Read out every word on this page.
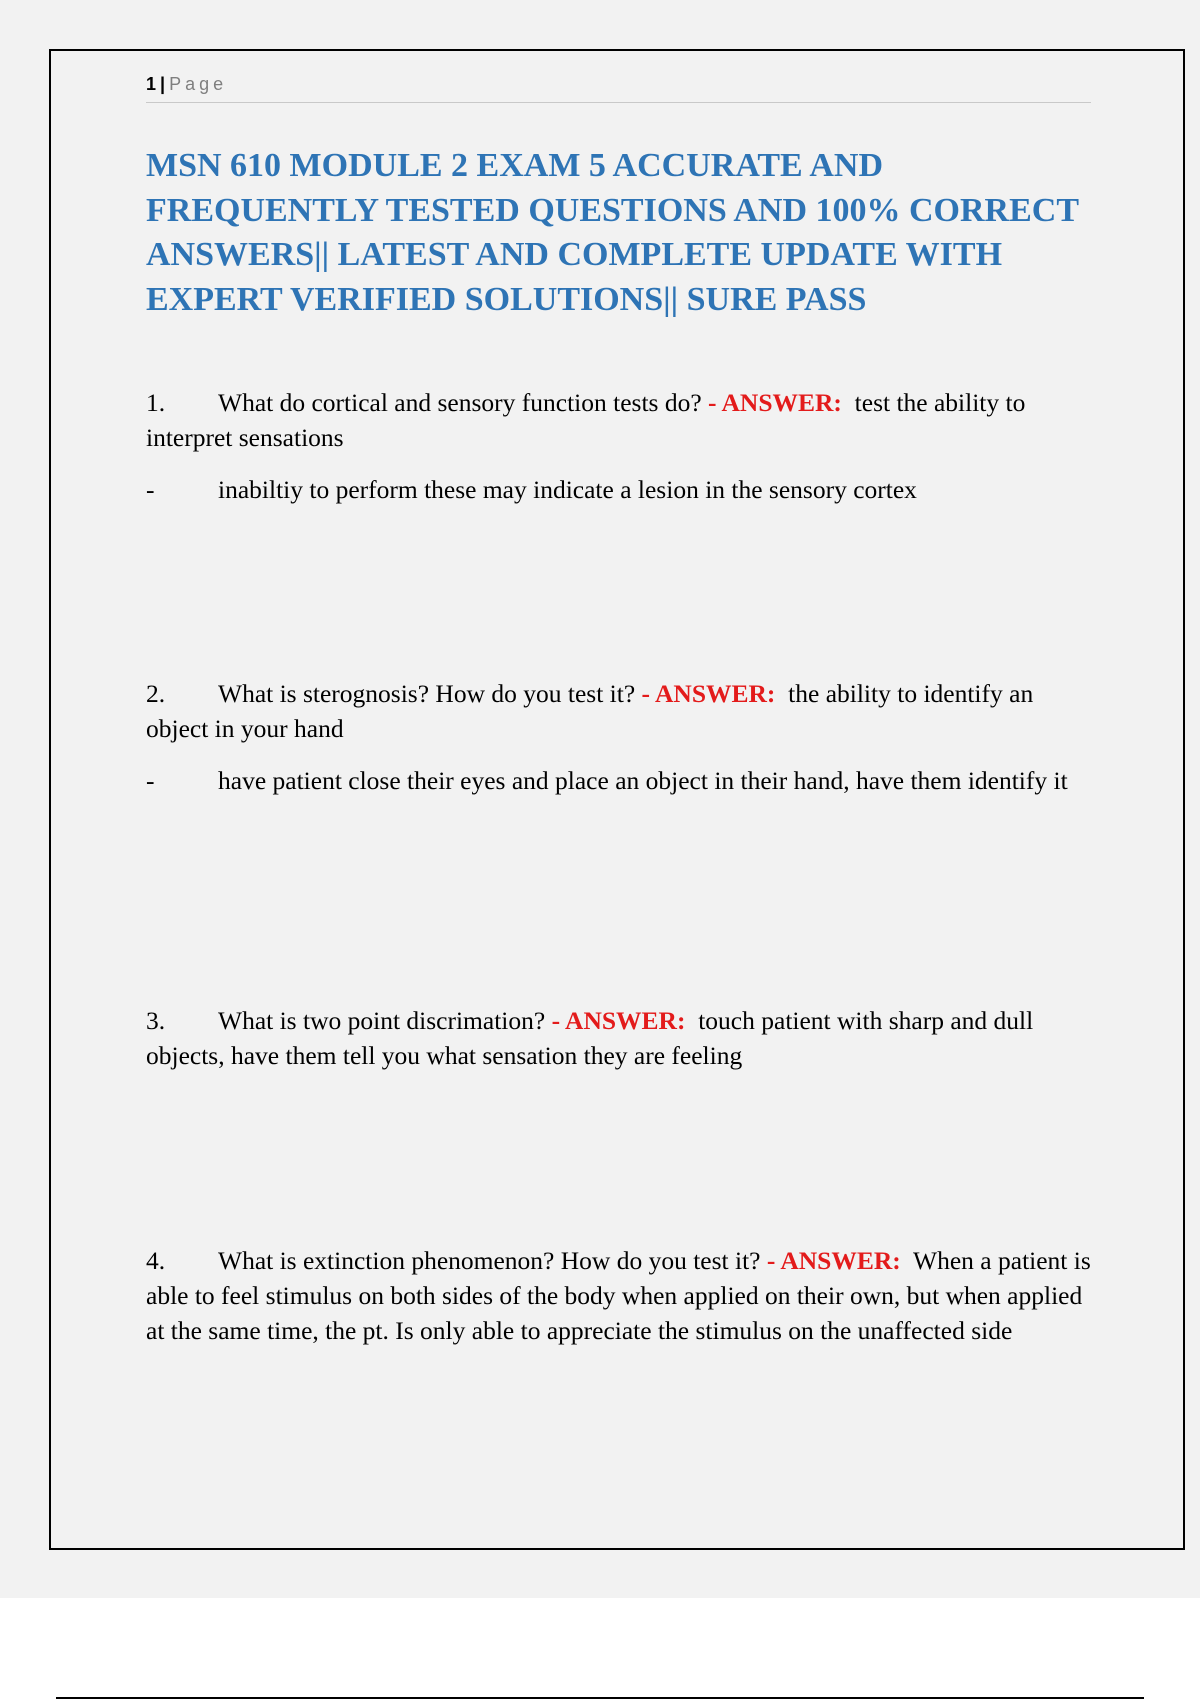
1 | Page
MSN 610 MODULE 2 EXAM 5 ACCURATE AND FREQUENTLY TESTED QUESTIONS AND 100% CORRECT ANSWERS|| LATEST AND COMPLETE UPDATE WITH EXPERT VERIFIED SOLUTIONS|| SURE PASS

1. What do cortical and sensory function tests do? - ANSWER: test the ability to interpret sensations

- inabiltiy to perform these may indicate a lesion in the sensory cortex

2. What is sterognosis? How do you test it? - ANSWER: the ability to identify an object in your hand

- have patient close their eyes and place an object in their hand, have them identify it

3. What is two point discrimation? - ANSWER: touch patient with sharp and dull objects, have them tell you what sensation they are feeling

4. What is extinction phenomenon? How do you test it? - ANSWER: When a patient is able to feel stimulus on both sides of the body when applied on their own, but when applied at the same time, the pt. Is only able to appreciate the stimulus on the unaffected side
